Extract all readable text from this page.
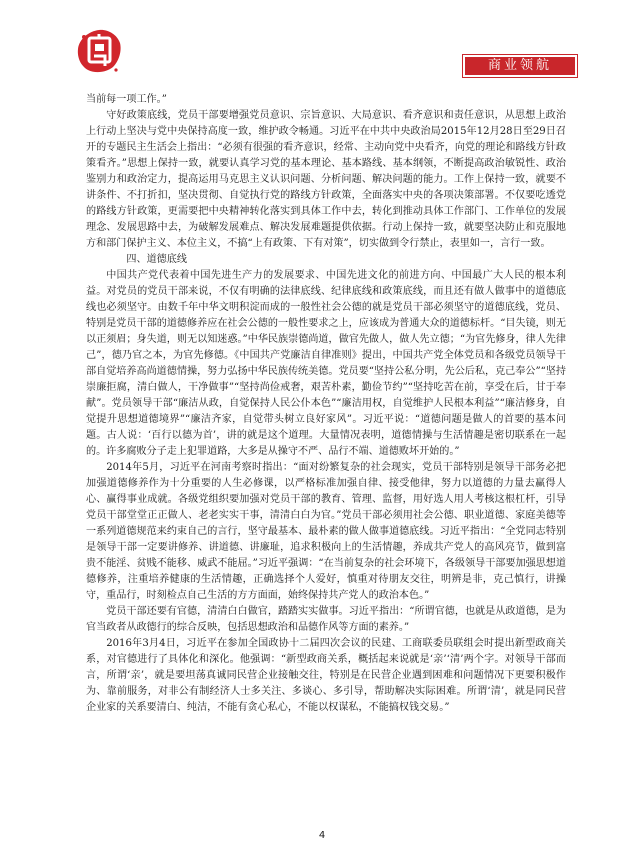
商业领航

当前每一项工作。”

守好政策底线，党员干部要增强党员意识、宗旨意识、大局意识、看齐意识和责任意识，从思想上政治上行动上坚决与党中央保持高度一致，维护政令畅通。习近平在中共中央政治局2015年12月28日至29日召开的专题民主生活会上指出：“必须有很强的看齐意识，经常、主动向党中央看齐，向党的理论和路线方针政策看齐。”思想上保持一致，就要认真学习党的基本理论、基本路线、基本纲领，不断提高政治敏锐性、政治鉴别力和政治定力，提高运用马克思主义认识问题、分析问题、解决问题的能力。工作上保持一致，就要不讲条件、不打折扣，坚决贯彻、自觉执行党的路线方针政策，全面落实中央的各项决策部署。不仅要吃透党的路线方针政策，更需要把中央精神转化落实到具体工作中去，转化到推动具体工作部门、工作单位的发展理念、发展思路中去，为破解发展难点、解决发展难题提供依据。行动上保持一致，就要坚决防止和克服地方和部门保护主义、本位主义，不搞“上有政策、下有对策”，切实做到令行禁止，表里如一，言行一致。

四、道德底线

中国共产党代表着中国先进生产力的发展要求、中国先进文化的前进方向、中国最广大人民的根本利益。对党员的党员干部来说，不仅有明确的法律底线、纪律底线和政策底线，而且还有做人做事中的道德底线也必须坚守。由数千年中华文明积淀而成的一般性社会公德的就是党员干部必须坚守的道德底线，党员、特别是党员干部的道德修养应在社会公德的一般性要求之上，应该成为普通大众的道德标杆。“目失镜，则无以正须眉；身失道，则无以知迷惑。”中华民族崇德尚道，做官先做人，做人先立德；“为官先修身，律人先律己”，德乃官之本，为官先修德。《中国共产党廉洁自律准则》提出，中国共产党全体党员和各级党员领导干部自觉培养高尚道德情操，努力弘扬中华民族传统美德。党员要“坚持公私分明，先公后私，克己奉公”“坚持崇廉拒腐，清白做人，干净做事”“坚持尚俭戒奢，艰苦朴素，勤俭节约”“坚持吃苦在前，享受在后，甘于奉献”。党员领导干部“廉洁从政，自觉保持人民公仆本色”“廉洁用权，自觉维护人民根本利益”“廉洁修身，自觉提升思想道德境界”“廉洁齐家，自觉带头树立良好家风”。习近平说：“道德问题是做人的首要的基本问题。古人说：‘百行以德为首’，讲的就是这个道理。大量情况表明，道德情操与生活情趣是密切联系在一起的。许多腐败分子走上犯罪道路，大多是从操守不严、品行不端、道德败坏开始的。”

2014年5月，习近平在河南考察时指出：“面对纷繁复杂的社会现实，党员干部特别是领导干部务必把加强道德修养作为十分重要的人生必修课，以严格标准加强自律、接受他律，努力以道德的力量去赢得人心、赢得事业成就。各级党组织要加强对党员干部的教育、管理、监督，用好选人用人考核这根杠杆，引导党员干部堂堂正正做人、老老实实干事，清清白白为官。”党员干部必须用社会公德、职业道德、家庭美德等一系列道德规范来约束自己的言行，坚守最基本、最朴素的做人做事道德底线。习近平指出：“全党同志特别是领导干部一定要讲修养、讲道德、讲廉耻，追求积极向上的生活情趣，养成共产党人的高风亮节，做到富贵不能淫、贫贱不能移、威武不能屈。”习近平强调：“在当前复杂的社会环境下，各级领导干部要加强思想道德修养，注重培养健康的生活情趣，正确选择个人爱好，慎重对待朋友交往，明辨是非，克己慎行，讲操守，重品行，时刻检点自己生活的方方面面，始终保持共产党人的政治本色。”

党员干部还要有官德，清清白白做官，踏踏实实做事。习近平指出：“所谓官德，也就是从政道德，是为官当政者从政德行的综合反映，包括思想政治和品德作风等方面的素养。”

2016年3月4日，习近平在参加全国政协十二届四次会议的民建、工商联委员联组会时提出新型政商关系，对官德进行了具体化和深化。他强调：“新型政商关系，概括起来说就是‘亲’‘清’两个字。对领导干部而言，所谓‘亲’，就是要坦荡真诚同民营企业接触交往，特别是在民营企业遇到困难和问题情况下更要积极作为、靠前服务，对非公有制经济人士多关注、多谈心、多引导，帮助解决实际困难。所谓‘清’，就是同民营企业家的关系要清白、纯洁，不能有贪心私心，不能以权谋私，不能搞权钱交易。”

4
